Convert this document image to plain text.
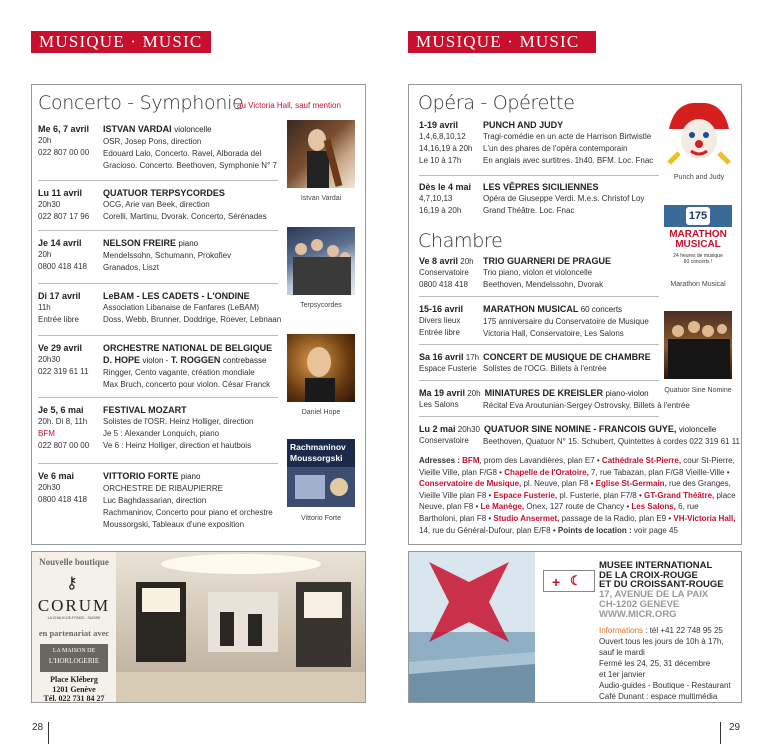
MUSIQUE · MUSIC	MUSIQUE · MUSIC
Concerto - Symphonie
au Victoria Hall, sauf mention
Me 6, 7 avril
20h
022 807 00 00
ISTVAN VARDAI violoncelle
OSR, Josep Pons, direction
Edouard Lalo, Concerto. Ravel, Alborada del
Gracioso. Concerto. Beethoven, Symphonie N° 7
Lu 11 avril
20h30
022 807 17 96
QUATUOR TERPSYCORDES
OCG, Arie van Beek, direction
Corelli, Martinu, Dvorak. Concerto, Sérénades
Je 14 avril
20h
0800 418 418
NELSON FREIRE piano
Mendelssohn, Schumann, Prokofiev
Granados, Liszt
Di 17 avril
11h
Entrée libre
LeBAM - LES CADETS - L'ONDINE
Association Libanaise de Fanfares (LeBAM)
Doss, Webb, Brunner, Doddrige, Roever, Lebnaan
Ve 29 avril
20h30
022 319 61 11
ORCHESTRE NATIONAL DE BELGIQUE
D. HOPE violon - T. ROGGEN contrebasse
Ringger, Cento vagante, création mondiale
Max Bruch, concerto pour violon. César Franck
Je 5, 6 mai
20h. Di 8, 11h
BFM
022 807 00 00
FESTIVAL MOZART
Solistes de l'OSR. Heinz Holliger, direction
Je 5 : Alexander Lonquich, piano
Ve 6 : Heinz Holliger, direction et hautbois
Ve 6 mai
20h30
0800 418 418
VITTORIO FORTE piano
ORCHESTRE DE RIBAUPIERRE
Luc Baghdassarian, direction
Rachmaninov, Concerto pour piano et orchestre
Moussorgski, Tableaux d'une exposition
Istvan Vardai
Terpsycordes
Daniel Hope
Rachmaninov
Moussorgski
Vittorio Forte
Opéra - Opérette
Chambre
1-19 avril
1,4,6,8,10,12
14,16,19 à 20h
Le 10 à 17h
PUNCH AND JUDY
Tragi-comédie en un acte de Harrison Birtwistle
L'un des phares de l'opéra contemporain
En anglais avec surtitres. 1h40. BFM. Loc. Fnac
Dès le 4 mai
4,7,10,13
16,19 à 20h
LES VÊPRES SICILIENNES
Opéra de Giuseppe Verdi. M.e.s. Christof Loy
Grand Théâtre. Loc. Fnac
Ve 8 avril 20h TRIO GUARNERI DE PRAGUE
Trio piano, violon et violoncelle
Beethoven, Mendelssohn, Dvorak
Conservatoire
0800 418 418
15-16 avril MARATHON MUSICAL 60 concerts
175 anniversaire du Conservatoire de Musique
Victoria Hall, Conservatoire, Les Salons
Divers lieux
Entrée libre
Sa 16 avril 17h CONCERT DE MUSIQUE DE CHAMBRE
Solistes de l'OCG. Billets à l'entrée
Espace Fusterie
Ma 19 avril 20h MINIATURES DE KREISLER piano-violon
Récital Eva Aroutunian-Sergey Ostrovsky. Billets à l'entrée
Les Salons
Lu 2 mai 20h30 QUATUOR SINE NOMINE - FRANCOIS GUYE, violoncelle
Beethoven, Quatuor N° 15. Schubert, Quintettes à cordes 022 319 61 11
Conservatoire
Punch and Judy
175
MARATHON
MUSICAL
24 heures de musique
60 concerts !
Marathon Musical
Quatuor Sine Nomine
Adresses : BFM, prom des Lavandières, plan E7 • Cathédrale St-Pierre, cour St-Pierre, Vieille Ville, plan F/G8 • Chapelle de l'Oratoire, 7, rue Tabazan, plan F/G8 Vieille-Ville • Conservatoire de Musique, pl. Neuve, plan F8 • Eglise St-Germain, rue des Granges, Vieille Ville plan F8 • Espace Fusterie, pl. Fusterie, plan F7/8 • GT-Grand Théâtre, place Neuve, plan F8 • Le Manège, Onex, 127 route de Chancy • Les Salons, 6, rue Bartholoni, plan F8 • Studio Ansermet, passage de la Radio, plan E9 • VH-Victoria Hall, 14, rue du Général-Dufour, plan E/F8 • Points de location : voir page 45
Nouvelle boutique
⚷
CORUM
LA CHAUX-DE-FONDS - SUISSE
en partenariat avec
LA MAISON DE
L'HORLOGERIE
Place Kléberg
1201 Genève
Tél. 022 731 84 27
+ ☾
MUSEE INTERNATIONAL
DE LA CROIX-ROUGE
ET DU CROISSANT-ROUGE
17, AVENUE DE LA PAIX
CH-1202 GENEVE
WWW.MICR.ORG
Informations : tél +41 22 748 95 25
Ouvert tous les jours de 10h à 17h,
sauf le mardi
Fermé les 24, 25, 31 décembre
et 1er janvier
Audio-guides - Boutique - Restaurant
Café Dunant : espace multimédia
28	29
